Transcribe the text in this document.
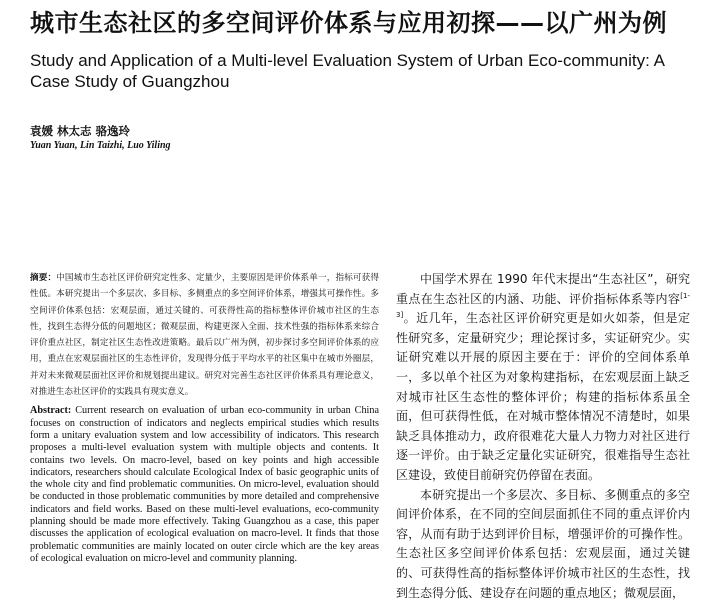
城市生态社区的多空间评价体系与应用初探——以广州为例
Study and Application of a Multi-level Evaluation System of Urban Eco-community: A Case Study of Guangzhou
袁媛 林太志 骆逸玲
Yuan Yuan, Lin Taizhi, Luo Yiling

摘要：中国城市生态社区评价研究定性多、定量少，主要原因是评价体系单一，指标可获得性低。本研究提出一个多层次、多目标、多侧重点的多空间评价体系，增强其可操作性。多空间评价体系包括：宏观层面，通过关键的、可获得性高的指标整体评价城市社区的生态性，找到生态得分低的问题地区；微观层面，构建更深入全面、技术性强的指标体系来综合评价重点社区，制定社区生态性改进策略。最后以广州为例，初步探讨多空间评价体系的应用，重点在宏观层面社区的生态性评价，发现得分低于平均水平的社区集中在城市外圈层，并对未来微观层面社区评价和规划提出建议。研究对完善生态社区评价体系具有理论意义，对推进生态社区评价的实践具有现实意义。

Abstract: Current research on evaluation of urban eco-community in urban China focuses on construction of indicators and neglects empirical studies which results form a unitary evaluation system and low accessibility of indicators. This research proposes a multi-level evaluation system with multiple objects and contents. It contains two levels. On macro-level, based on key points and high accessible indicators, researchers should calculate Ecological Index of basic geographic units of the whole city and find problematic communities. On micro-level, evaluation should be conducted in those problematic communities by more detailed and comprehensive indicators and field works. Based on these multi-level evaluations, eco-community planning should be made more effectively. Taking Guangzhou as a case, this paper discusses the application of ecological evaluation on macro-level. It finds that those problematic communities are mainly located on outer circle which are the key areas of ecological evaluation on micro-level and community planning.

中国学术界在 1990 年代末提出“生态社区”，研究重点在生态社区的内涵、功能、评价指标体系等内容[1-3]。近几年，生态社区评价研究更是如火如荼，但是定性研究多，定量研究少；理论探讨多，实证研究少。实证研究难以开展的原因主要在于：评价的空间体系单一，多以单个社区为对象构建指标，在宏观层面上缺乏对城市社区生态性的整体评价；构建的指标体系虽全面，但可获得性低，在对城市整体情况不清楚时，如果缺乏具体推动力，政府很难花大量人力物力对社区进行逐一评价。由于缺乏定量化实证研究，很难指导生态社区建设，致使目前研究仍停留在表面。

本研究提出一个多层次、多目标、多侧重点的多空间评价体系，在不同的空间层面抓住不同的重点评价内容，从而有助于达到评价目标，增强评价的可操作性。生态社区多空间评价体系包括：宏观层面，通过关键的、可获得性高的指标整体评价城市社区的生态性，找到生态得分低、建设存在问题的重点地区；微观层面，
